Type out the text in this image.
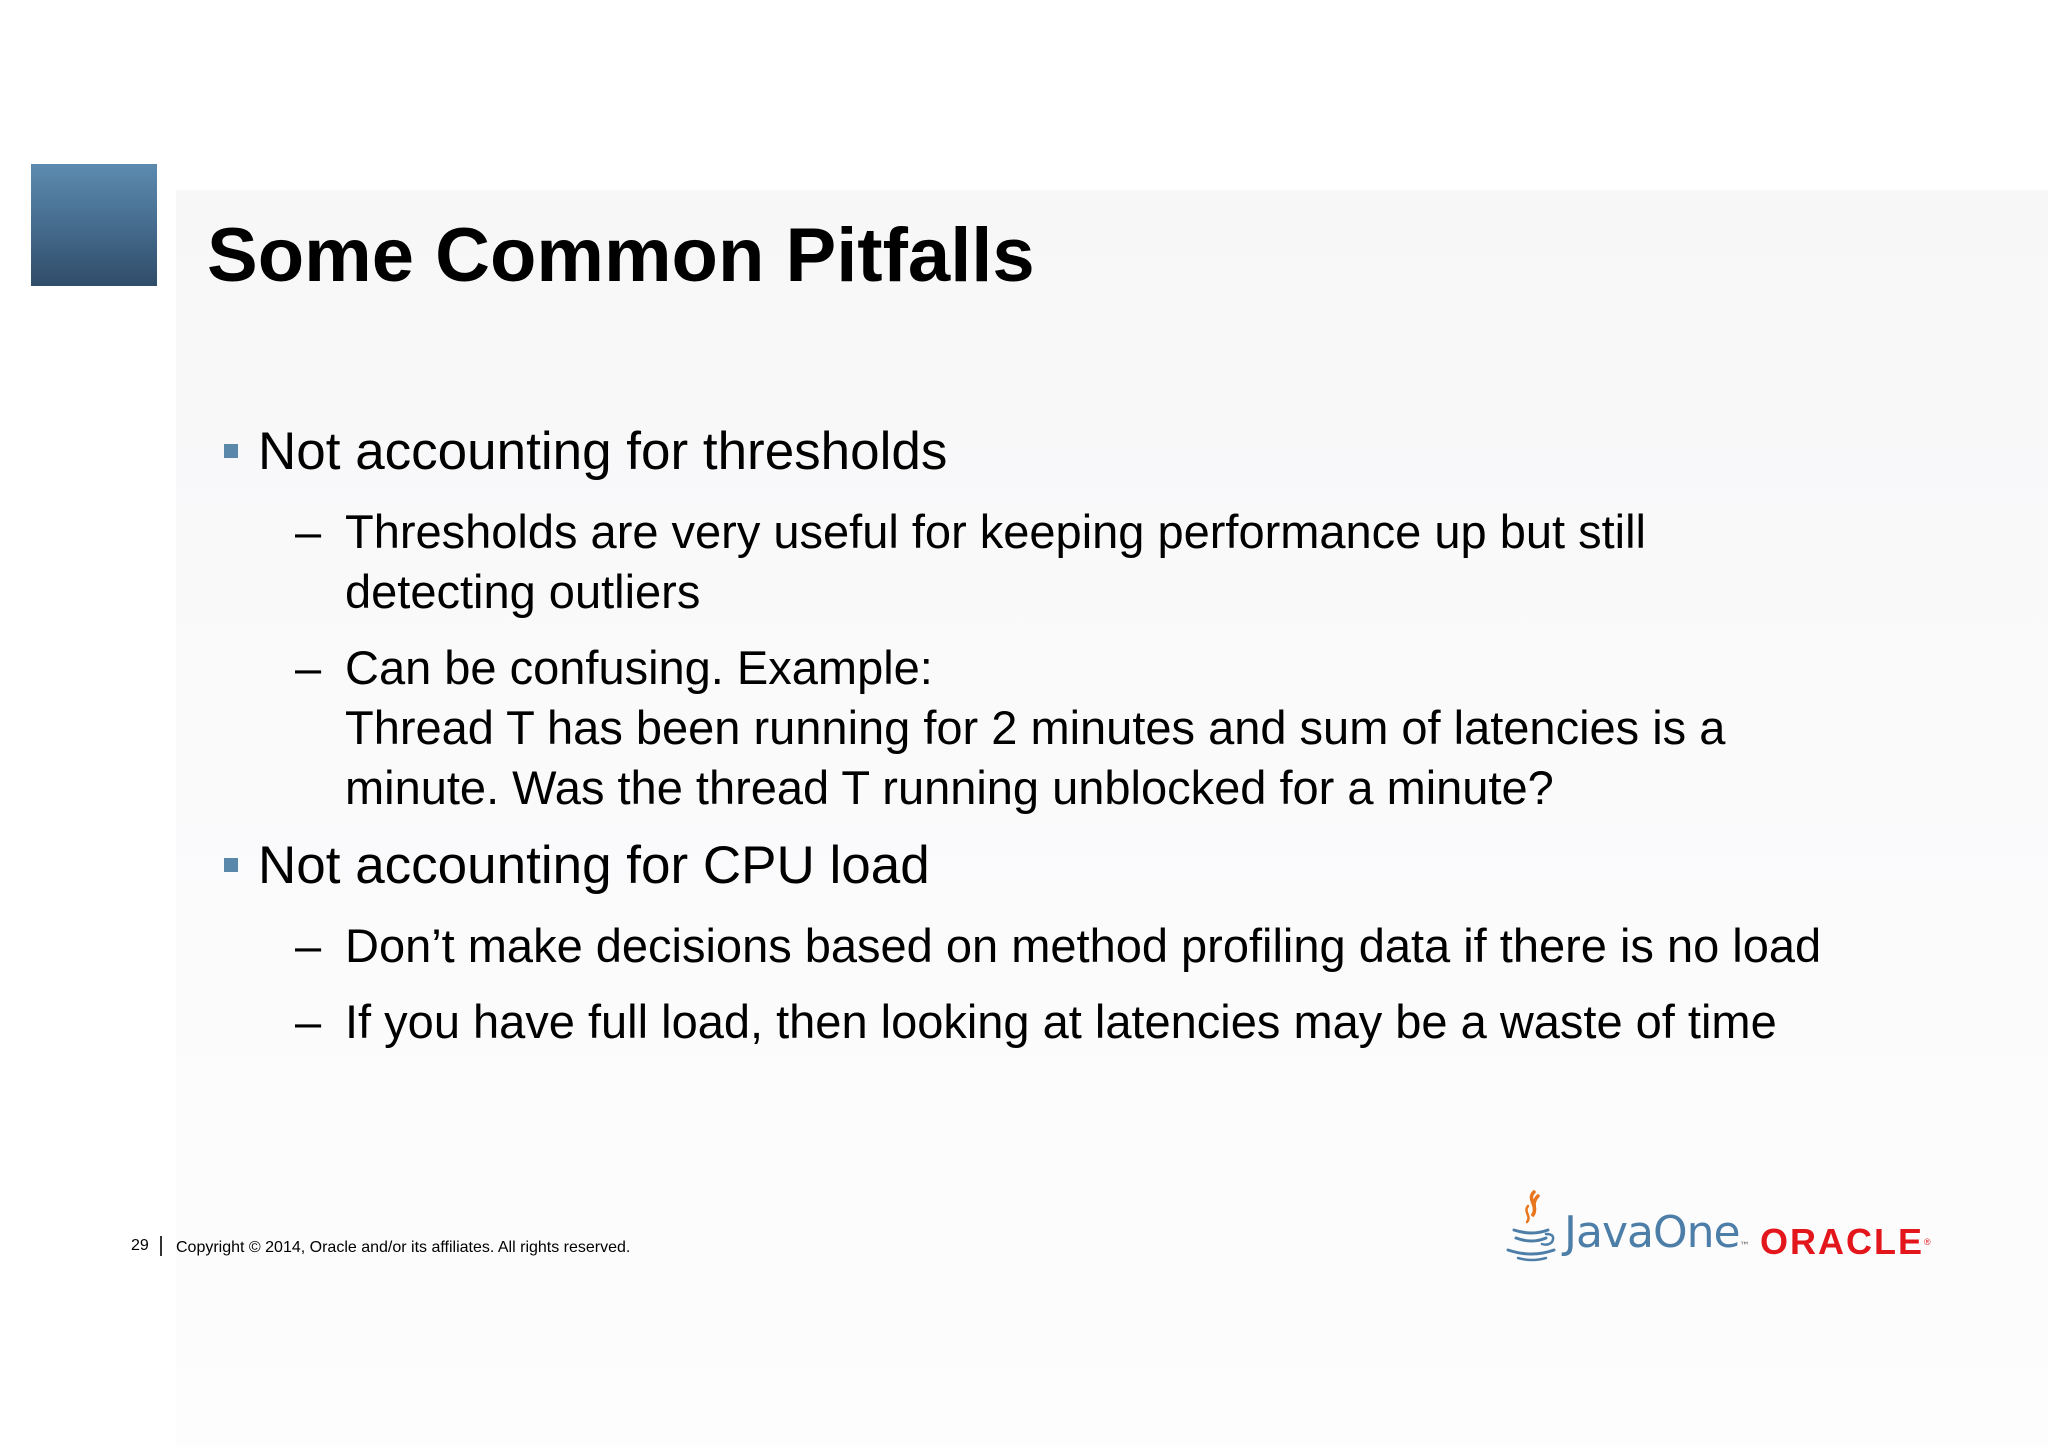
Some Common Pitfalls
Not accounting for thresholds
– Thresholds are very useful for keeping performance up but still
detecting outliers
– Can be confusing. Example:
Thread T has been running for 2 minutes and sum of latencies is a
minute. Was the thread T running unblocked for a minute?
Not accounting for CPU load
– Don’t make decisions based on method profiling data if there is no load
– If you have full load, then looking at latencies may be a waste of time
29 Copyright © 2014, Oracle and/or its affiliates. All rights reserved.	JavaOne™ ORACLE®
